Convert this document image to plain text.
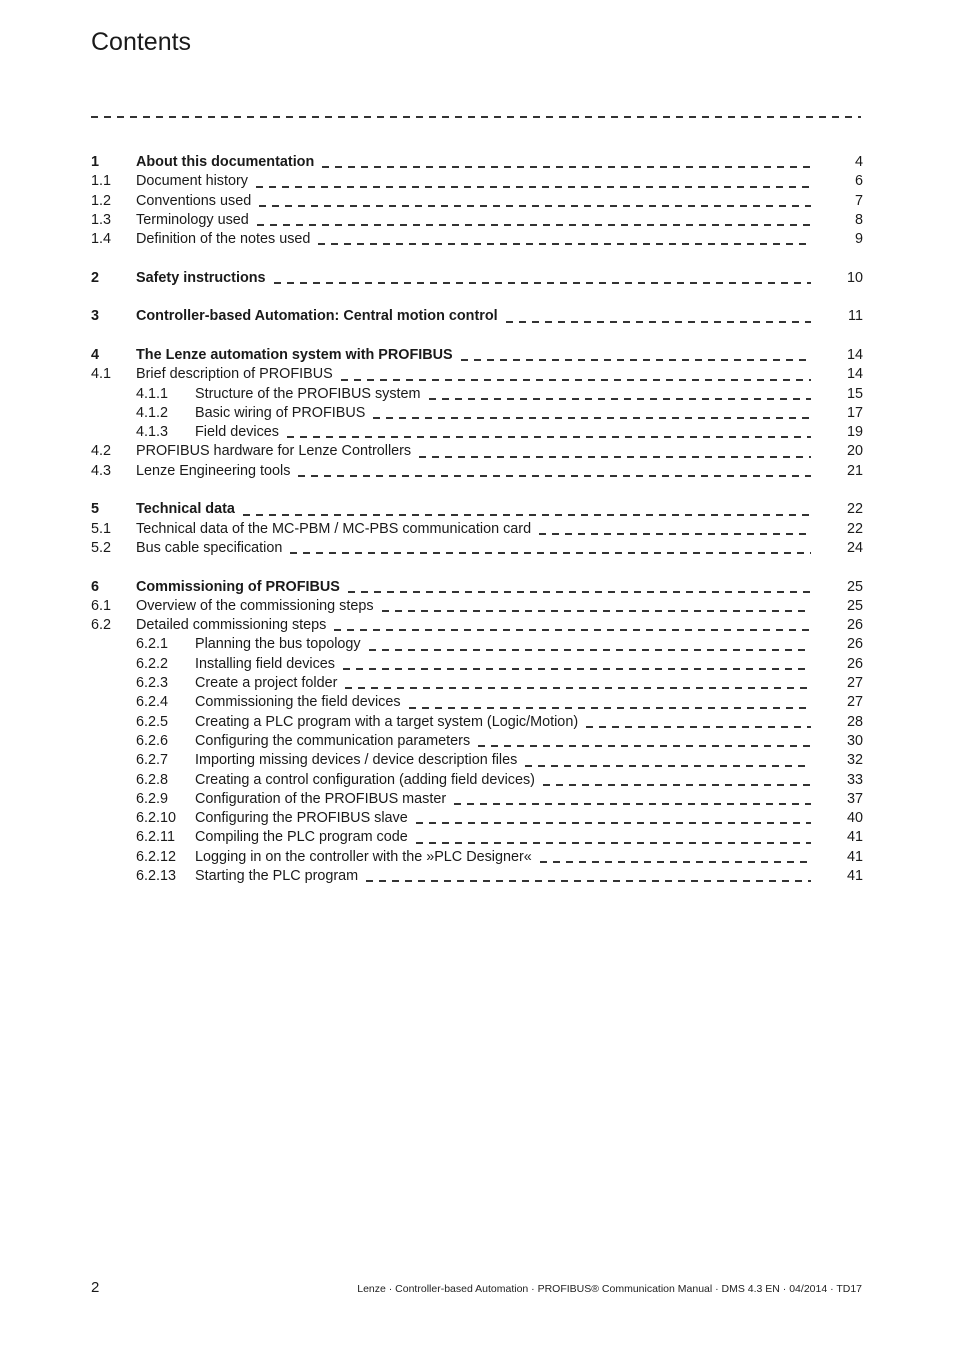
Contents
1	About this documentation	4
1.1	Document history	6
1.2	Conventions used	7
1.3	Terminology used	8
1.4	Definition of the notes used	9
2	Safety instructions	10
3	Controller-based Automation: Central motion control	11
4	The Lenze automation system with PROFIBUS	14
4.1	Brief description of PROFIBUS	14
4.1.1	Structure of the PROFIBUS system	15
4.1.2	Basic wiring of PROFIBUS	17
4.1.3	Field devices	19
4.2	PROFIBUS hardware for Lenze Controllers	20
4.3	Lenze Engineering tools	21
5	Technical data	22
5.1	Technical data of the MC-PBM / MC-PBS communication card	22
5.2	Bus cable specification	24
6	Commissioning of PROFIBUS	25
6.1	Overview of the commissioning steps	25
6.2	Detailed commissioning steps	26
6.2.1	Planning the bus topology	26
6.2.2	Installing field devices	26
6.2.3	Create a project folder	27
6.2.4	Commissioning the field devices	27
6.2.5	Creating a PLC program with a target system (Logic/Motion)	28
6.2.6	Configuring the communication parameters	30
6.2.7	Importing missing devices / device description files	32
6.2.8	Creating a control configuration (adding field devices)	33
6.2.9	Configuration of the PROFIBUS master	37
6.2.10	Configuring the PROFIBUS slave	40
6.2.11	Compiling the PLC program code	41
6.2.12	Logging in on the controller with the »PLC Designer«	41
6.2.13	Starting the PLC program	41
2	Lenze · Controller-based Automation · PROFIBUS® Communication Manual · DMS 4.3 EN · 04/2014 · TD17
